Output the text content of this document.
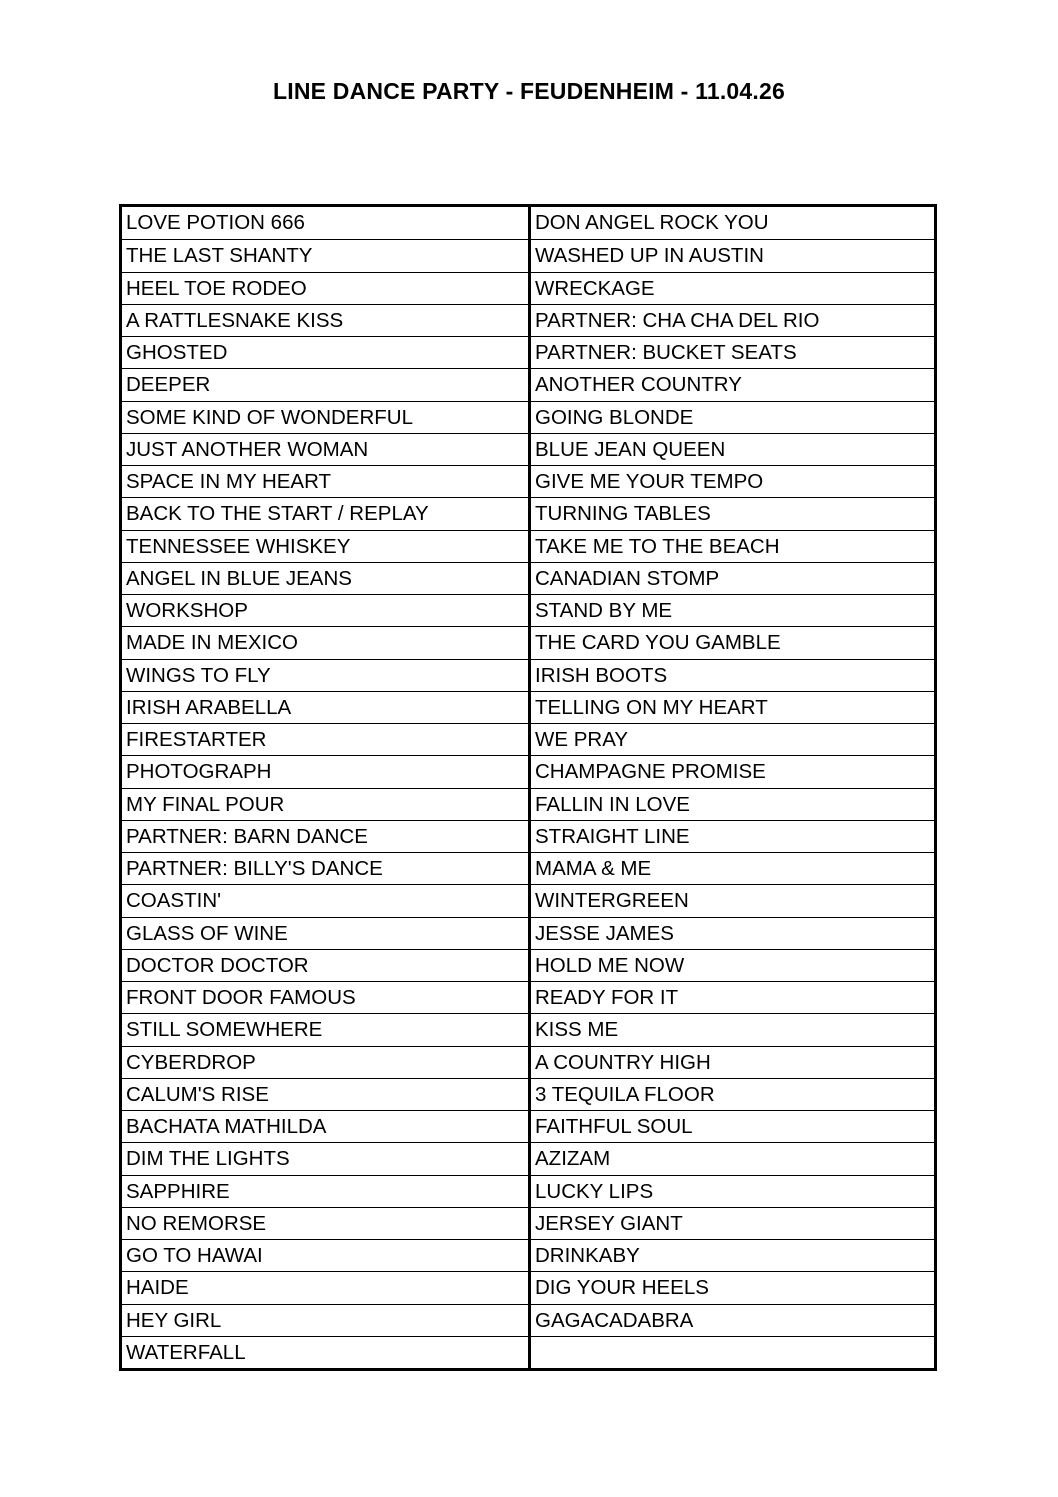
LINE DANCE PARTY - FEUDENHEIM - 11.04.26
LOVE POTION 666	DON ANGEL ROCK YOU
THE LAST SHANTY	WASHED UP IN AUSTIN
HEEL TOE RODEO	WRECKAGE
A RATTLESNAKE KISS	PARTNER: CHA CHA DEL RIO
GHOSTED	PARTNER: BUCKET SEATS
DEEPER	ANOTHER COUNTRY
SOME KIND OF WONDERFUL	GOING BLONDE
JUST ANOTHER WOMAN	BLUE JEAN QUEEN
SPACE IN MY HEART	GIVE ME YOUR TEMPO
BACK TO THE START / REPLAY	TURNING TABLES
TENNESSEE WHISKEY	TAKE ME TO THE BEACH
ANGEL IN BLUE JEANS	CANADIAN STOMP
WORKSHOP	STAND BY ME
MADE IN MEXICO	THE CARD YOU GAMBLE
WINGS TO FLY	IRISH BOOTS
IRISH ARABELLA	TELLING ON MY HEART
FIRESTARTER	WE PRAY
PHOTOGRAPH	CHAMPAGNE PROMISE
MY FINAL POUR	FALLIN IN LOVE
PARTNER: BARN DANCE	STRAIGHT LINE
PARTNER: BILLY'S DANCE	MAMA & ME
COASTIN'	WINTERGREEN
GLASS OF WINE	JESSE JAMES
DOCTOR DOCTOR	HOLD ME NOW
FRONT DOOR FAMOUS	READY FOR IT
STILL SOMEWHERE	KISS ME
CYBERDROP	A COUNTRY HIGH
CALUM'S RISE	3 TEQUILA FLOOR
BACHATA MATHILDA	FAITHFUL SOUL
DIM THE LIGHTS	AZIZAM
SAPPHIRE	LUCKY LIPS
NO REMORSE	JERSEY GIANT
GO TO HAWAI	DRINKABY
HAIDE	DIG YOUR HEELS
HEY GIRL	GAGACADABRA
WATERFALL
